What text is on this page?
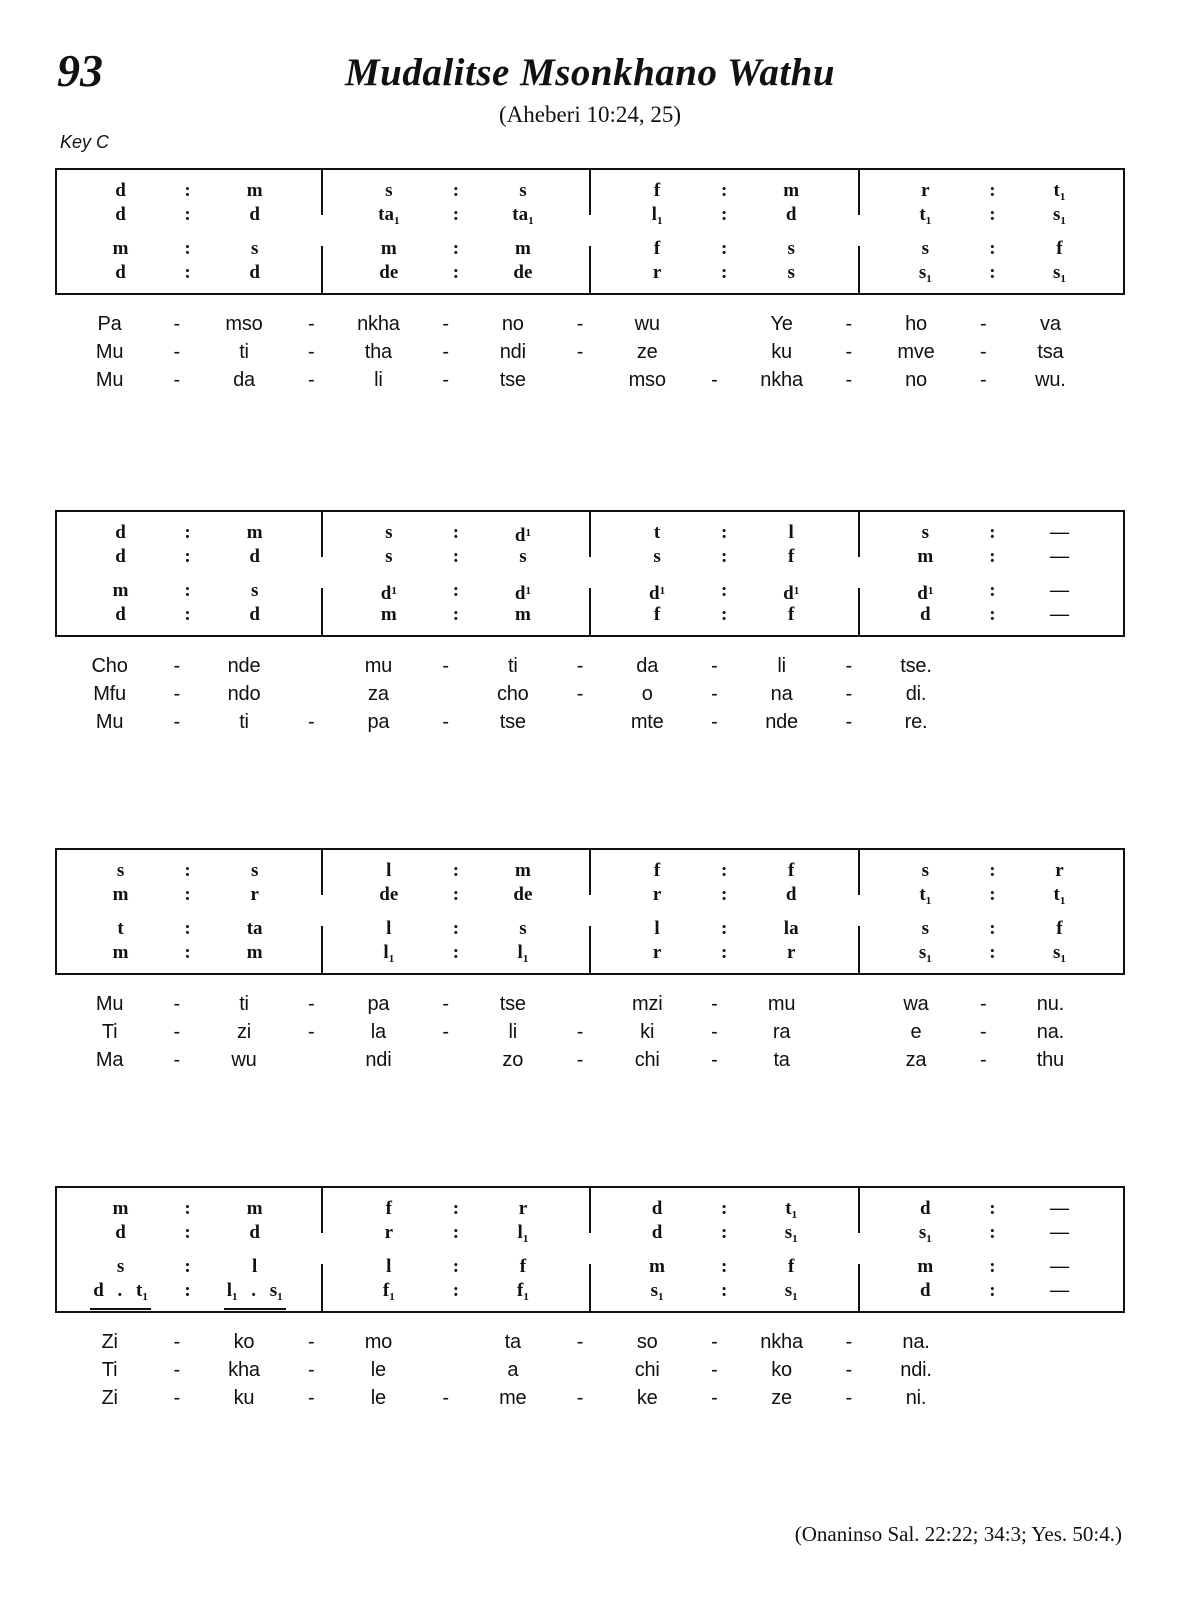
93	Mudalitse Msonkhano Wathu
(Aheberi 10:24, 25)
Key C
d	:	m	s	:	s	f	:	m	r	:	$t_1$
d	:	d	$ta_1$	:	$ta_1$	$l_1$	:	d	$t_1$	:	$s_1$
m	:	s	m	:	m	f	:	s	s	:	f
d	:	d	de	:	de	r	:	s	$s_1$	:	$s_1$
Pa	-	mso	-	nkha	-	no	-	wu	Ye	-	ho	-	va
Mu	-	ti	-	tha	-	ndi	-	ze	ku	-	mve	-	tsa
Mu	-	da	-	li	-	tse	mso	-	nkha	-	no	-	wu.
d	:	m	s	:	$d^1$	t	:	l	s	:	—
d	:	d	s	:	s	s	:	f	m	:	—
m	:	s	$d^1$	:	$d^1$	$d^1$	:	$d^1$	$d^1$	:	—
d	:	d	m	:	m	f	:	f	d	:	—
Cho	-	nde	mu	-	ti	-	da	-	li	-	tse.
Mfu	-	ndo	za	cho	-	o	-	na	-	di.
Mu	-	ti	-	pa	-	tse	mte	-	nde	-	re.
s	:	s	l	:	m	f	:	f	s	:	r
m	:	r	de	:	de	r	:	d	$t_1$	:	$t_1$
t	:	ta	l	:	s	l	:	la	s	:	f
m	:	m	$l_1$	:	$l_1$	r	:	r	$s_1$	:	$s_1$
Mu	-	ti	-	pa	-	tse	mzi	-	mu	wa	-	nu.
Ti	-	zi	-	la	-	li	-	ki	-	ra	e	-	na.
Ma	-	wu	ndi	zo	-	chi	-	ta	za	-	thu
m	:	m	f	:	r	d	:	$t_1$	d	:	—
d	:	d	r	:	$l_1$	d	:	$s_1$	$s_1$	:	—
s	:	l	l	:	f	m	:	f	m	:	—
d . $t_1$	:	$l_1$ . $s_1$	$f_1$	:	$f_1$	$s_1$	:	$s_1$	d	:	—
Zi	-	ko	-	mo	ta	-	so	-	nkha	-	na.
Ti	-	kha	-	le	a	chi	-	ko	-	ndi.
Zi	-	ku	-	le	-	me	-	ke	-	ze	-	ni.
(Onaninso Sal. 22:22; 34:3; Yes. 50:4.)
